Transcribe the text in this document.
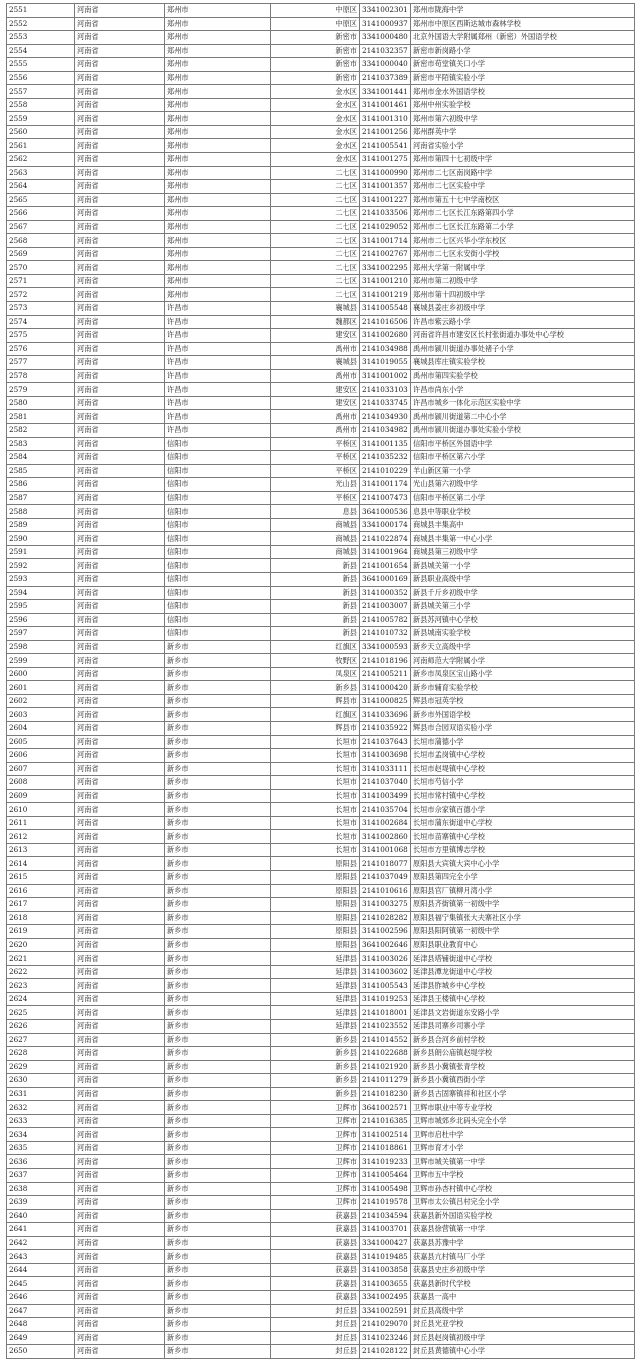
2551	河南省	郑州市	中原区	3341002301	郑州市陇海中学
2552	河南省	郑州市	中原区	3141000937	郑州市中原区西斯达城市森林学校
2553	河南省	郑州市	新密市	3341000480	北京外国语大学附属郑州（新密）外国语学校
2554	河南省	郑州市	新密市	2141032357	新密市新岗路小学
2555	河南省	郑州市	新密市	3341000040	新密市苟堂镇关口小学
2556	河南省	郑州市	新密市	2141037389	新密市平陌镇实验小学
2557	河南省	郑州市	金水区	3341001441	郑州市金水外国语学校
2558	河南省	郑州市	金水区	3141001461	郑州中州实验学校
2559	河南省	郑州市	金水区	3141001310	郑州市第六初级中学
2560	河南省	郑州市	金水区	2141001256	郑州群英中学
2561	河南省	郑州市	金水区	2141005541	河南省实验小学
2562	河南省	郑州市	金水区	3141001275	郑州市第四十七初级中学
2563	河南省	郑州市	二七区	3141000990	郑州市二七区南岗路中学
2564	河南省	郑州市	二七区	3141001357	郑州市二七区实验中学
2565	河南省	郑州市	二七区	3141001227	郑州市第五十七中学南校区
2566	河南省	郑州市	二七区	2141033506	郑州市二七区长江东路第四小学
2567	河南省	郑州市	二七区	2141029052	郑州市二七区长江东路第二小学
2568	河南省	郑州市	二七区	3141001714	郑州市二七区兴华小学东校区
2569	河南省	郑州市	二七区	2141002767	郑州市二七区永安街小学校
2570	河南省	郑州市	二七区	3341002295	郑州大学第一附属中学
2571	河南省	郑州市	二七区	3141001210	郑州市第二初级中学
2572	河南省	郑州市	二七区	3141001219	郑州市第十四初级中学
2573	河南省	许昌市	襄城县	3141005548	襄城县姜庄乡初级中学
2574	河南省	许昌市	魏都区	2141016506	许昌市紫云路小学
2575	河南省	许昌市	建安区	3141002680	河南省许昌市建安区长村张街道办事处中心学校
2576	河南省	许昌市	禹州市	2141034988	禹州市颍川街道办事处褚子小学
2577	河南省	许昌市	襄城县	3141019055	襄城县库庄镇实验学校
2578	河南省	许昌市	禹州市	3141001002	禹州市第四实验学校
2579	河南省	许昌市	建安区	2141033103	许昌市尚东小学
2580	河南省	许昌市	建安区	2141033745	许昌市城乡一体化示范区实验中学
2581	河南省	许昌市	禹州市	2141034930	禹州市颍川街道第二中心小学
2582	河南省	许昌市	禹州市	2141034982	禹州市颍川街道办事处实验小学校
2583	河南省	信阳市	平桥区	3141001135	信阳市平桥区外国语中学
2584	河南省	信阳市	平桥区	2141035232	信阳市平桥区第六小学
2585	河南省	信阳市	平桥区	2141010229	羊山新区第一小学
2586	河南省	信阳市	光山县	3141001174	光山县第六初级中学
2587	河南省	信阳市	平桥区	2141007473	信阳市平桥区第二小学
2588	河南省	信阳市	息县	3641000536	息县中等职业学校
2589	河南省	信阳市	商城县	3341000174	商城县丰集高中
2590	河南省	信阳市	商城县	2141022874	商城县丰集第一中心小学
2591	河南省	信阳市	商城县	3141001964	商城县第三初级中学
2592	河南省	信阳市	新县	2141001654	新县城关第一小学
2593	河南省	信阳市	新县	3641000169	新县职业高级中学
2594	河南省	信阳市	新县	3141000352	新县千斤乡初级中学
2595	河南省	信阳市	新县	2141003007	新县城关第三小学
2596	河南省	信阳市	新县	2141005782	新县苏河镇中心学校
2597	河南省	信阳市	新县	2141010732	新县城南实验学校
2598	河南省	新乡市	红旗区	3341000593	新乡天立高级中学
2599	河南省	新乡市	牧野区	2141018196	河南师范大学附属小学
2600	河南省	新乡市	凤泉区	2141005211	新乡市凤泉区宝山路小学
2601	河南省	新乡市	新乡县	3141000420	新乡市辅育实验学校
2602	河南省	新乡市	辉县市	3141000825	辉县市冠英学校
2603	河南省	新乡市	红旗区	3141033696	新乡市外国语学校
2604	河南省	新乡市	辉县市	2141035922	辉县市合园双语实验小学
2605	河南省	新乡市	长垣市	2141037643	长垣市蒲德小学
2606	河南省	新乡市	长垣市	3141003698	长垣市孟岗镇中心学校
2607	河南省	新乡市	长垣市	3141033111	长垣市赵堤镇中心学校
2608	河南省	新乡市	长垣市	2141037040	长垣市芍信小学
2609	河南省	新乡市	长垣市	3141003499	长垣市常村镇中心学校
2610	河南省	新乡市	长垣市	2141035704	长垣市佘家镇百德小学
2611	河南省	新乡市	长垣市	3141002684	长垣市蒲东街道中心学校
2612	河南省	新乡市	长垣市	3141002860	长垣市苗寨镇中心学校
2613	河南省	新乡市	长垣市	3141001068	长垣市方里镇博志学校
2614	河南省	新乡市	原阳县	2141018077	原阳县大宾镇大宾中心小学
2615	河南省	新乡市	原阳县	2141037049	原阳县第四完全小学
2616	河南省	新乡市	原阳县	2141010616	原阳县官厂镇柳月湾小学
2617	河南省	新乡市	原阳县	3141003275	原阳县齐街镇第一初级中学
2618	河南省	新乡市	原阳县	2141028282	原阳县福宁集镇张大夫寨社区小学
2619	河南省	新乡市	原阳县	3141002596	原阳县阳阿镇第一初级中学
2620	河南省	新乡市	原阳县	3641002646	原阳县职业教育中心
2621	河南省	新乡市	延津县	3141003026	延津县塔铺街道中心学校
2622	河南省	新乡市	延津县	3141003602	延津县潭龙街道中心学校
2623	河南省	新乡市	延津县	3141005543	延津县胙城乡中心学校
2624	河南省	新乡市	延津县	3141019253	延津县王楼镇中心学校
2625	河南省	新乡市	延津县	2141018001	延津县文岩街道东安路小学
2626	河南省	新乡市	延津县	2141023552	延津县司寨乡司寨小学
2627	河南省	新乡市	新乡县	2141014552	新乡县合河乡前村学校
2628	河南省	新乡市	新乡县	2141022688	新乡县朗公庙镇赵堤学校
2629	河南省	新乡市	新乡县	2141021920	新乡县小冀镇张青学校
2630	河南省	新乡市	新乡县	2141011279	新乡县小冀镇西街小学
2631	河南省	新乡市	新乡县	2141018230	新乡县古固寨镇祥和社区小学
2632	河南省	新乡市	卫辉市	3641002571	卫辉市职业中等专业学校
2633	河南省	新乡市	卫辉市	2141016385	卫辉市城郊乡北码头完全小学
2634	河南省	新乡市	卫辉市	3141002514	卫辉市启杜中学
2635	河南省	新乡市	卫辉市	2141018861	卫辉市育才小学
2636	河南省	新乡市	卫辉市	3141019233	卫辉市城关镇第一中学
2637	河南省	新乡市	卫辉市	3141005464	卫辉市五中学校
2638	河南省	新乡市	卫辉市	3141005498	卫辉市孙杏村镇中心学校
2639	河南省	新乡市	卫辉市	2141019578	卫辉市太公镇吕村完全小学
2640	河南省	新乡市	获嘉县	2141034594	获嘉县新外国语实验学校
2641	河南省	新乡市	获嘉县	3141003701	获嘉县徐营镇第一中学
2642	河南省	新乡市	获嘉县	3341000427	获嘉县苏豫中学
2643	河南省	新乡市	获嘉县	3141019485	获嘉县亢村镇马厂小学
2644	河南省	新乡市	获嘉县	3141003858	获嘉县史庄乡初级中学
2645	河南省	新乡市	获嘉县	3141003655	获嘉县新时代学校
2646	河南省	新乡市	获嘉县	3341002495	获嘉县一高中
2647	河南省	新乡市	封丘县	3341002591	封丘县高级中学
2648	河南省	新乡市	封丘县	2141029070	封丘县光亚学校
2649	河南省	新乡市	封丘县	3141023246	封丘县赵岗镇初级中学
2650	河南省	新乡市	封丘县	2141028122	封丘县黄德镇中心小学
